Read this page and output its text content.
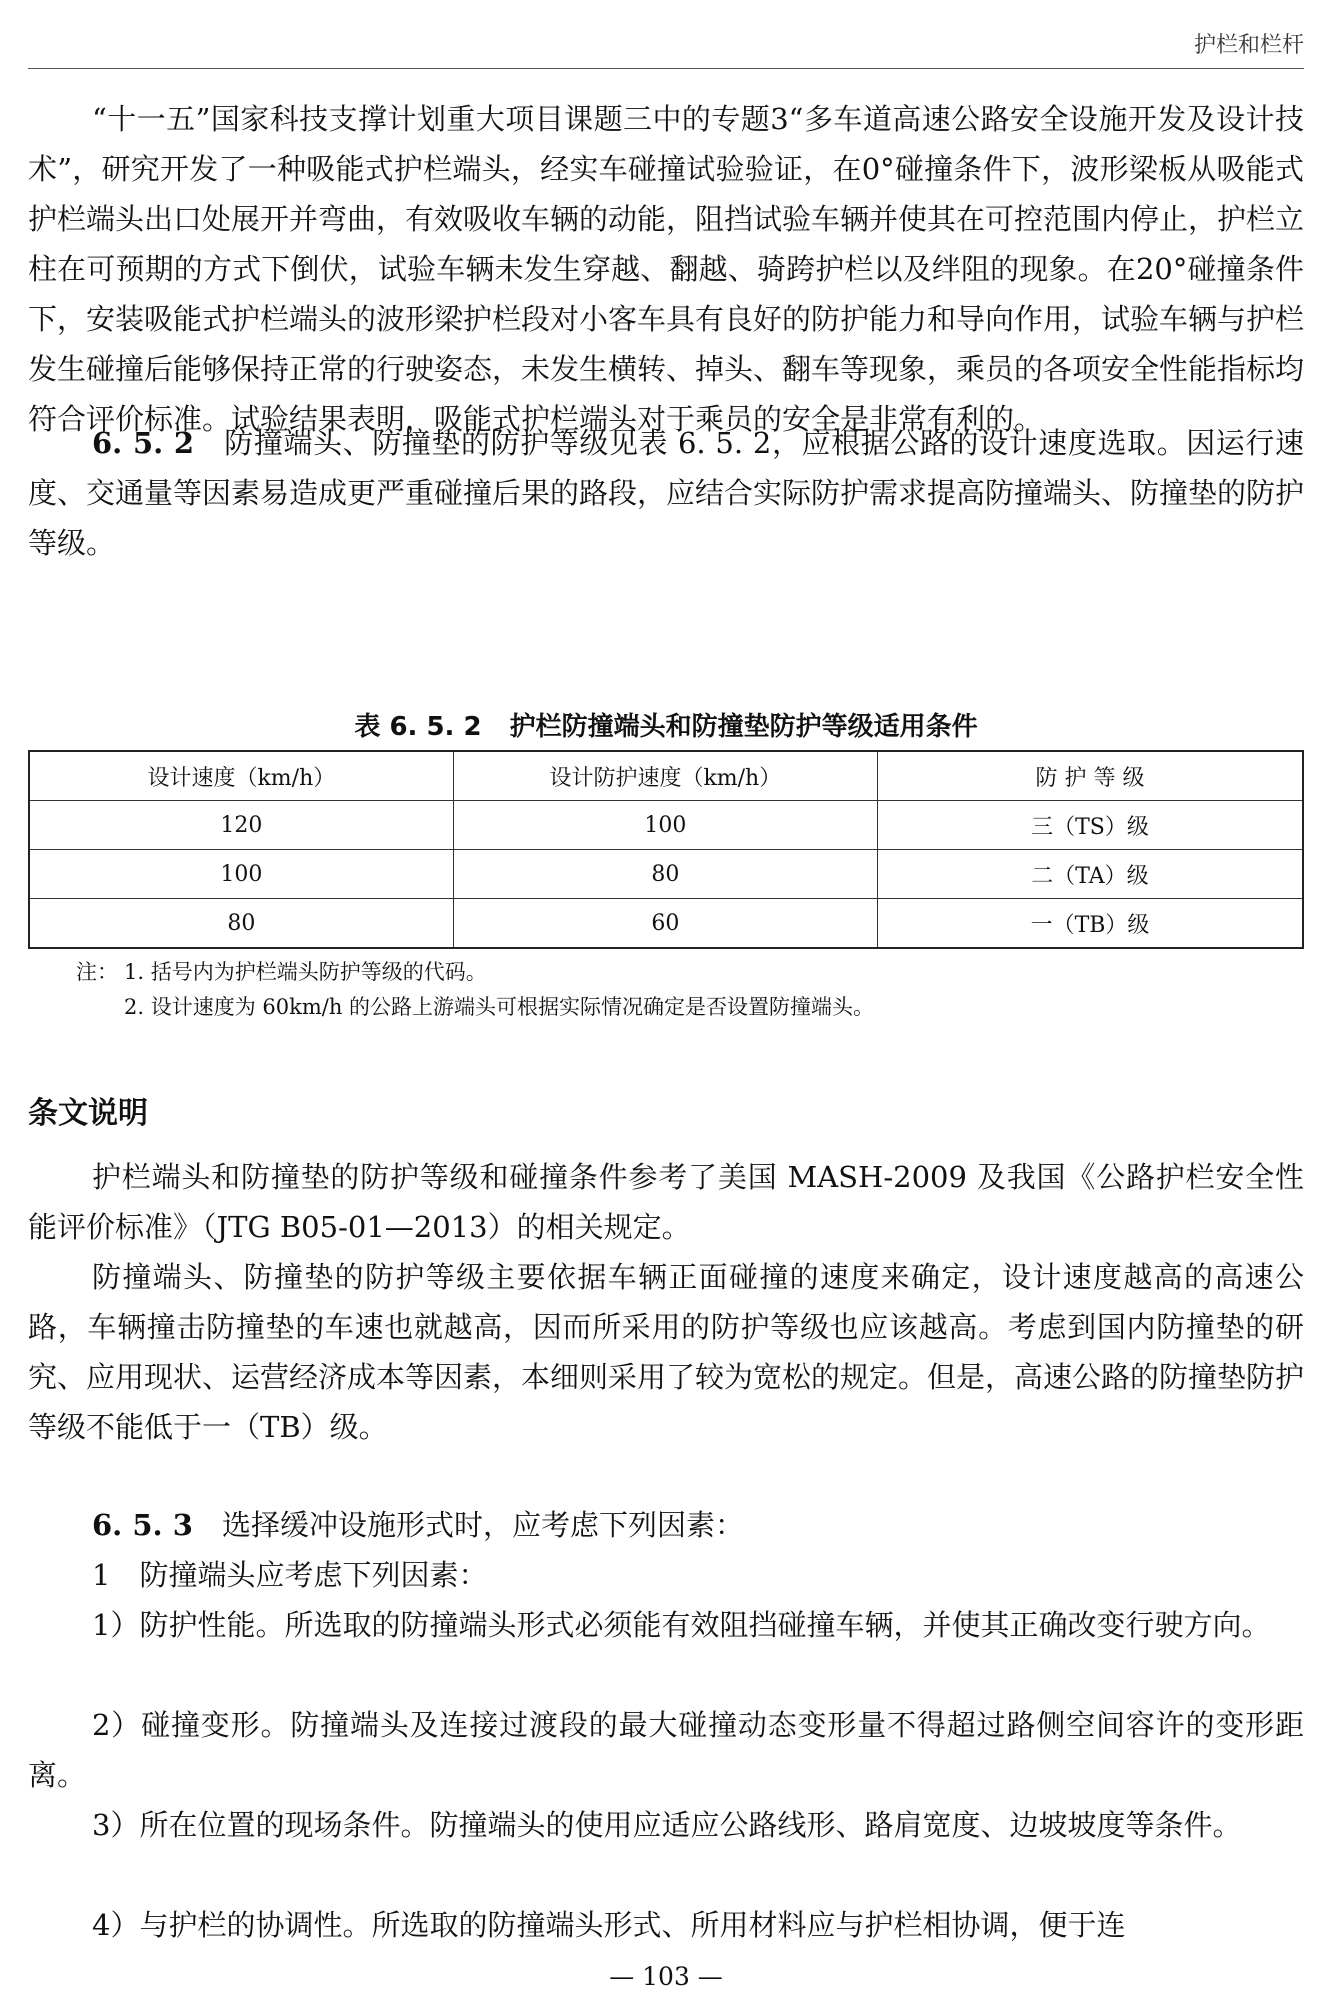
护栏和栏杆

“十一五”国家科技支撑计划重大项目课题三中的专题3“多车道高速公路安全设施开发及设计技术”，研究开发了一种吸能式护栏端头，经实车碰撞试验验证，在0°碰撞条件下，波形梁板从吸能式护栏端头出口处展开并弯曲，有效吸收车辆的动能，阻挡试验车辆并使其在可控范围内停止，护栏立柱在可预期的方式下倒伏，试验车辆未发生穿越、翻越、骑跨护栏以及绊阻的现象。在20°碰撞条件下，安装吸能式护栏端头的波形梁护栏段对小客车具有良好的防护能力和导向作用，试验车辆与护栏发生碰撞后能够保持正常的行驶姿态，未发生横转、掉头、翻车等现象，乘员的各项安全性能指标均符合评价标准。试验结果表明，吸能式护栏端头对于乘员的安全是非常有利的。

6. 5. 2　 防撞端头、防撞垫的防护等级见表 6. 5. 2，应根据公路的设计速度选取。因运行速度、交通量等因素易造成更严重碰撞后果的路段，应结合实际防护需求提高防撞端头、防撞垫的防护等级。

表 6. 5. 2 护栏防撞端头和防撞垫防护等级适用条件
设计速度（km/h）	设计防护速度（km/h）	防 护 等 级
120	100	三（TS）级
100	80	二（TA）级
80	60	一（TB）级
注： 1. 括号内为护栏端头防护等级的代码。
2. 设计速度为 60km/h 的公路上游端头可根据实际情况确定是否设置防撞端头。
条文说明

护栏端头和防撞垫的防护等级和碰撞条件参考了美国 MASH-2009 及我国《公路护栏安全性能评价标准》（JTG B05-01—2013）的相关规定。

防撞端头、防撞垫的防护等级主要依据车辆正面碰撞的速度来确定，设计速度越高的高速公路，车辆撞击防撞垫的车速也就越高，因而所采用的防护等级也应该越高。考虑到国内防撞垫的研究、应用现状、运营经济成本等因素，本细则采用了较为宽松的规定。但是，高速公路的防撞垫防护等级不能低于一（TB）级。

6. 5. 3　 选择缓冲设施形式时，应考虑下列因素：

1　防撞端头应考虑下列因素：

1）防护性能。所选取的防撞端头形式必须能有效阻挡碰撞车辆，并使其正确改变行驶方向。

2）碰撞变形。防撞端头及连接过渡段的最大碰撞动态变形量不得超过路侧空间容许的变形距离。

3）所在位置的现场条件。防撞端头的使用应适应公路线形、路肩宽度、边坡坡度等条件。

4）与护栏的协调性。所选取的防撞端头形式、所用材料应与护栏相协调，便于连

— 103 —
